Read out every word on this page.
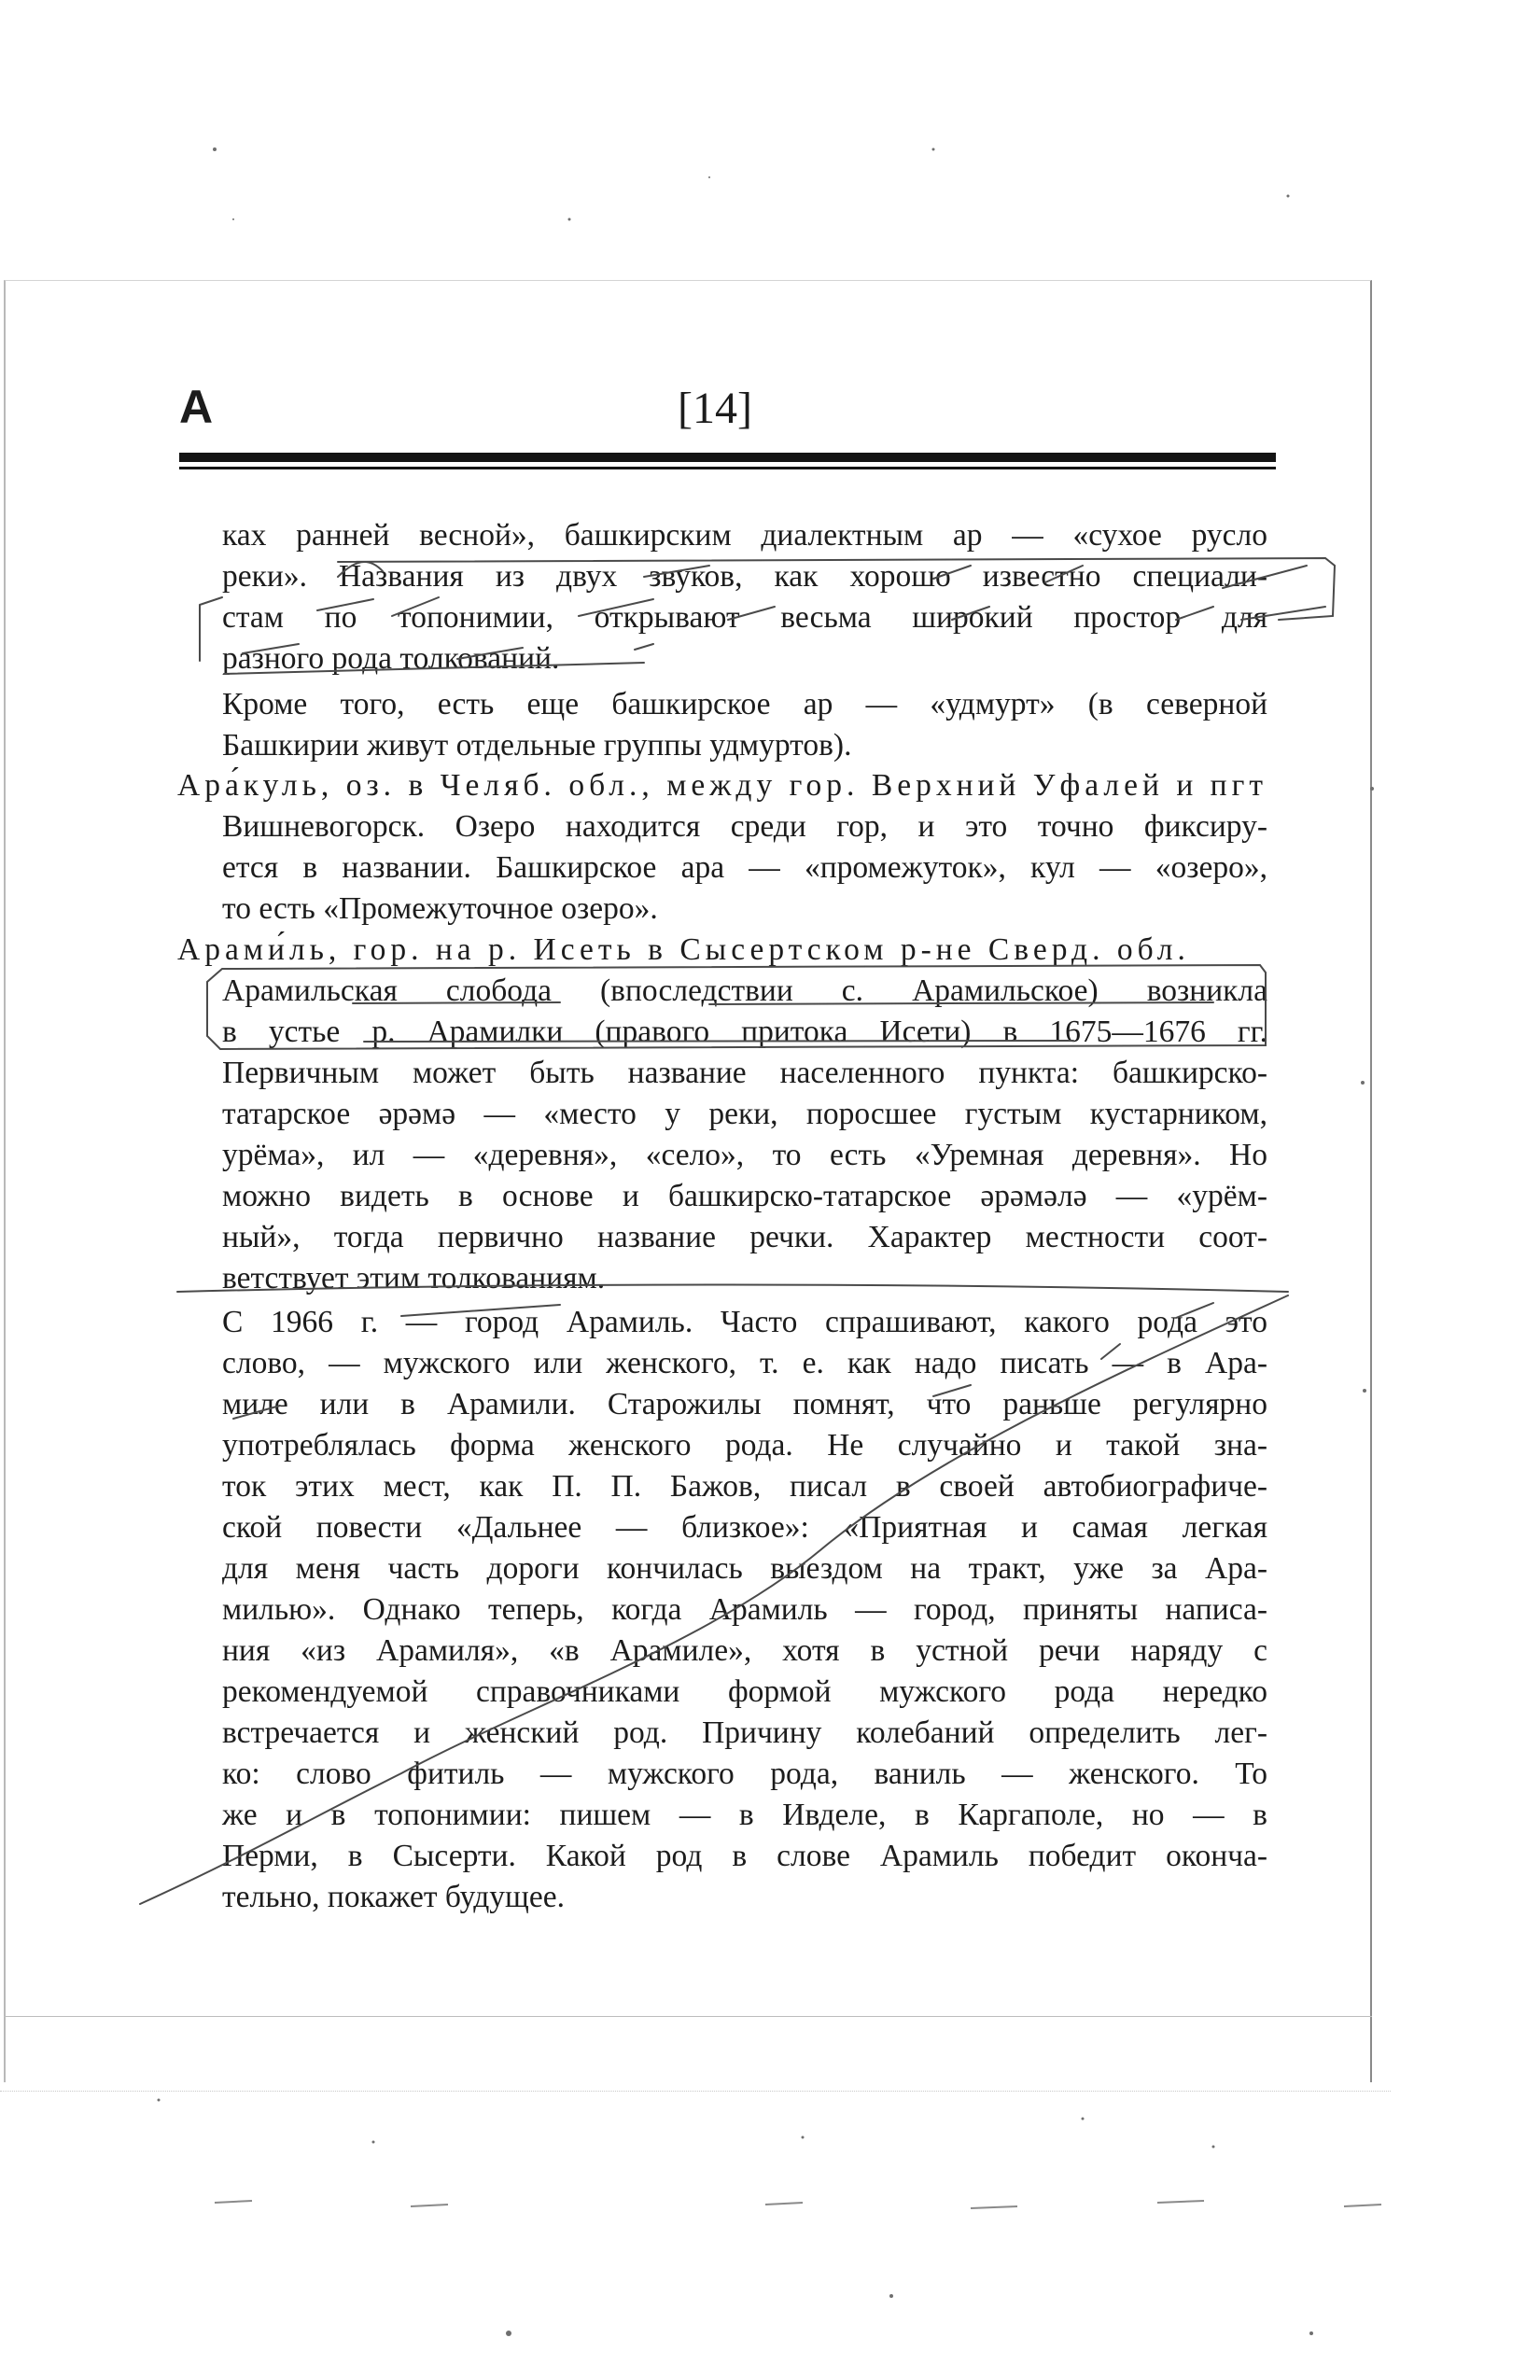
А	[14]
ках ранней весной», башкирским диалектным ар — «сухое русло
реки». Названия из двух звуков, как хорошо известно специали-
стам по топонимии, открывают весьма широкий простор для
разного рода толкований.
Кроме того, есть еще башкирское ар — «удмурт» (в северной
Башкирии живут отдельные группы удмуртов).
Ара́куль, оз. в Челяб. обл., между гор. Верхний Уфалей и пгт
Вишневогорск. Озеро находится среди гор, и это точно фиксиру-
ется в названии. Башкирское ара — «промежуток», кул — «озеро»,
то есть «Промежуточное озеро».
Арами́ль, гор. на р. Исеть в Сысертском р-не Сверд. обл.
Арамильская слобода (впоследствии с. Арамильское) возникла
в устье р. Арамилки (правого притока Исети) в 1675—1676 гг.
Первичным может быть название населенного пункта: башкирско-
татарское әрәмә — «место у реки, поросшее густым кустарником,
урёма», ил — «деревня», «село», то есть «Уремная деревня». Но
можно видеть в основе и башкирско-татарское әрәмәлә — «урём-
ный», тогда первично название речки. Характер местности соот-
ветствует этим толкованиям.
С 1966 г. — город Арамиль. Часто спрашивают, какого рода это
слово, — мужского или женского, т. е. как надо писать — в Ара-
миле или в Арамили. Старожилы помнят, что раньше регулярно
употреблялась форма женского рода. Не случайно и такой зна-
ток этих мест, как П. П. Бажов, писал в своей автобиографиче-
ской повести «Дальнее — близкое»: «Приятная и самая легкая
для меня часть дороги кончилась выездом на тракт, уже за Ара-
милью». Однако теперь, когда Арамиль — город, приняты написа-
ния «из Арамиля», «в Арамиле», хотя в устной речи наряду с
рекомендуемой справочниками формой мужского рода нередко
встречается и женский род. Причину колебаний определить лег-
ко: слово фитиль — мужского рода, ваниль — женского. То
же и в топонимии: пишем — в Ивделе, в Каргаполе, но — в
Перми, в Сысерти. Какой род в слове Арамиль победит оконча-
тельно, покажет будущее.
